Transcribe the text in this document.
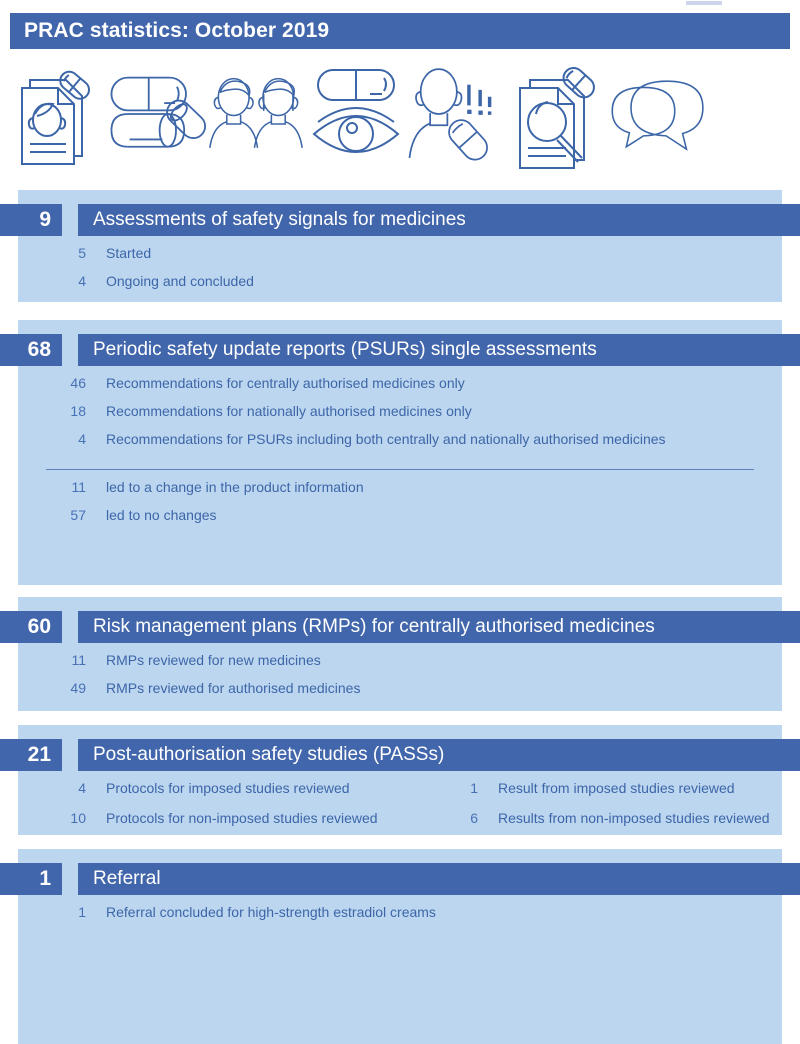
PRAC statistics: October 2019
9	Assessments of safety signals for medicines
5	Started
4	Ongoing and concluded
68	Periodic safety update reports (PSURs) single assessments
46	Recommendations for centrally authorised medicines only
18	Recommendations for nationally authorised medicines only
4	Recommendations for PSURs including both centrally and nationally authorised medicines
11	led to a change in the product information
57	led to no changes
60	Risk management plans (RMPs) for centrally authorised medicines
11	RMPs reviewed for new medicines
49	RMPs reviewed for authorised medicines
21	Post-authorisation safety studies (PASSs)
4	Protocols for imposed studies reviewed	1	Result from imposed studies reviewed
10	Protocols for non-imposed studies reviewed	6	Results from non-imposed studies reviewed
1	Referral
1	Referral concluded for high-strength estradiol creams
